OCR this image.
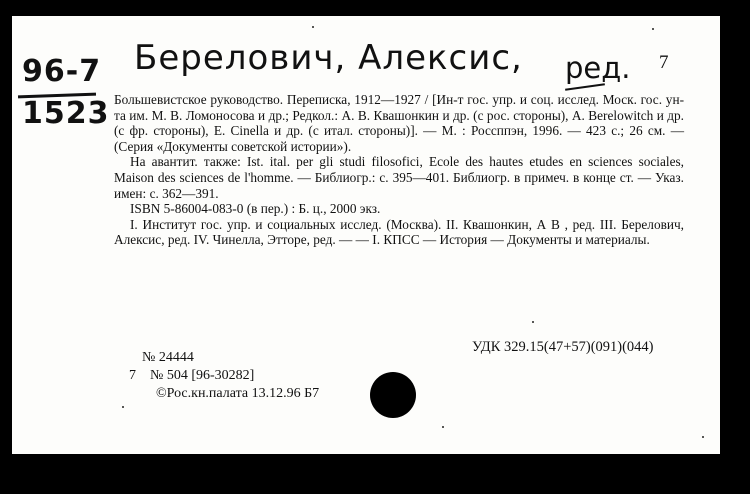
96-7
1523
Берелович, Алексис, ред. 7

Большевистское руководство. Переписка, 1912—1927 / [Ин-т гос. упр. и соц. исслед. Моск. гос. ун-та им. М. В. Ломоносова и др.; Редкол.: А. В. Квашонкин и др. (с рос. стороны), A. Berelowitch и др. (с фр. стороны), Е. Cinella и др. (с итал. стороны)]. — М. : Россппэн, 1996. — 423 с.; 26 см. — (Серия «Документы советской истории»).

На авантит. также: Ist. ital. per gli studi filosofici, Ecole des hautes etudes en sciences sociales, Maison des sciences de l'homme. — Библиогр.: с. 395—401. Библиогр. в примеч. в конце ст. — Указ. имен: с. 362—391.

ISBN 5-86004-083-0 (в пер.) : Б. ц., 2000 экз.

I. Институт гос. упр. и социальных исслед. (Москва). II. Квашонкин, А В , ред. III. Берелович, Алексис, ред. IV. Чинелла, Этторе, ред. — — I. КПСС — История — Документы и материалы.

№ 24444
УДК 329.15(47+57)(091)(044)
7 № 504 [96-30282]
©Рос.кн.палата 13.12.96 Б7
